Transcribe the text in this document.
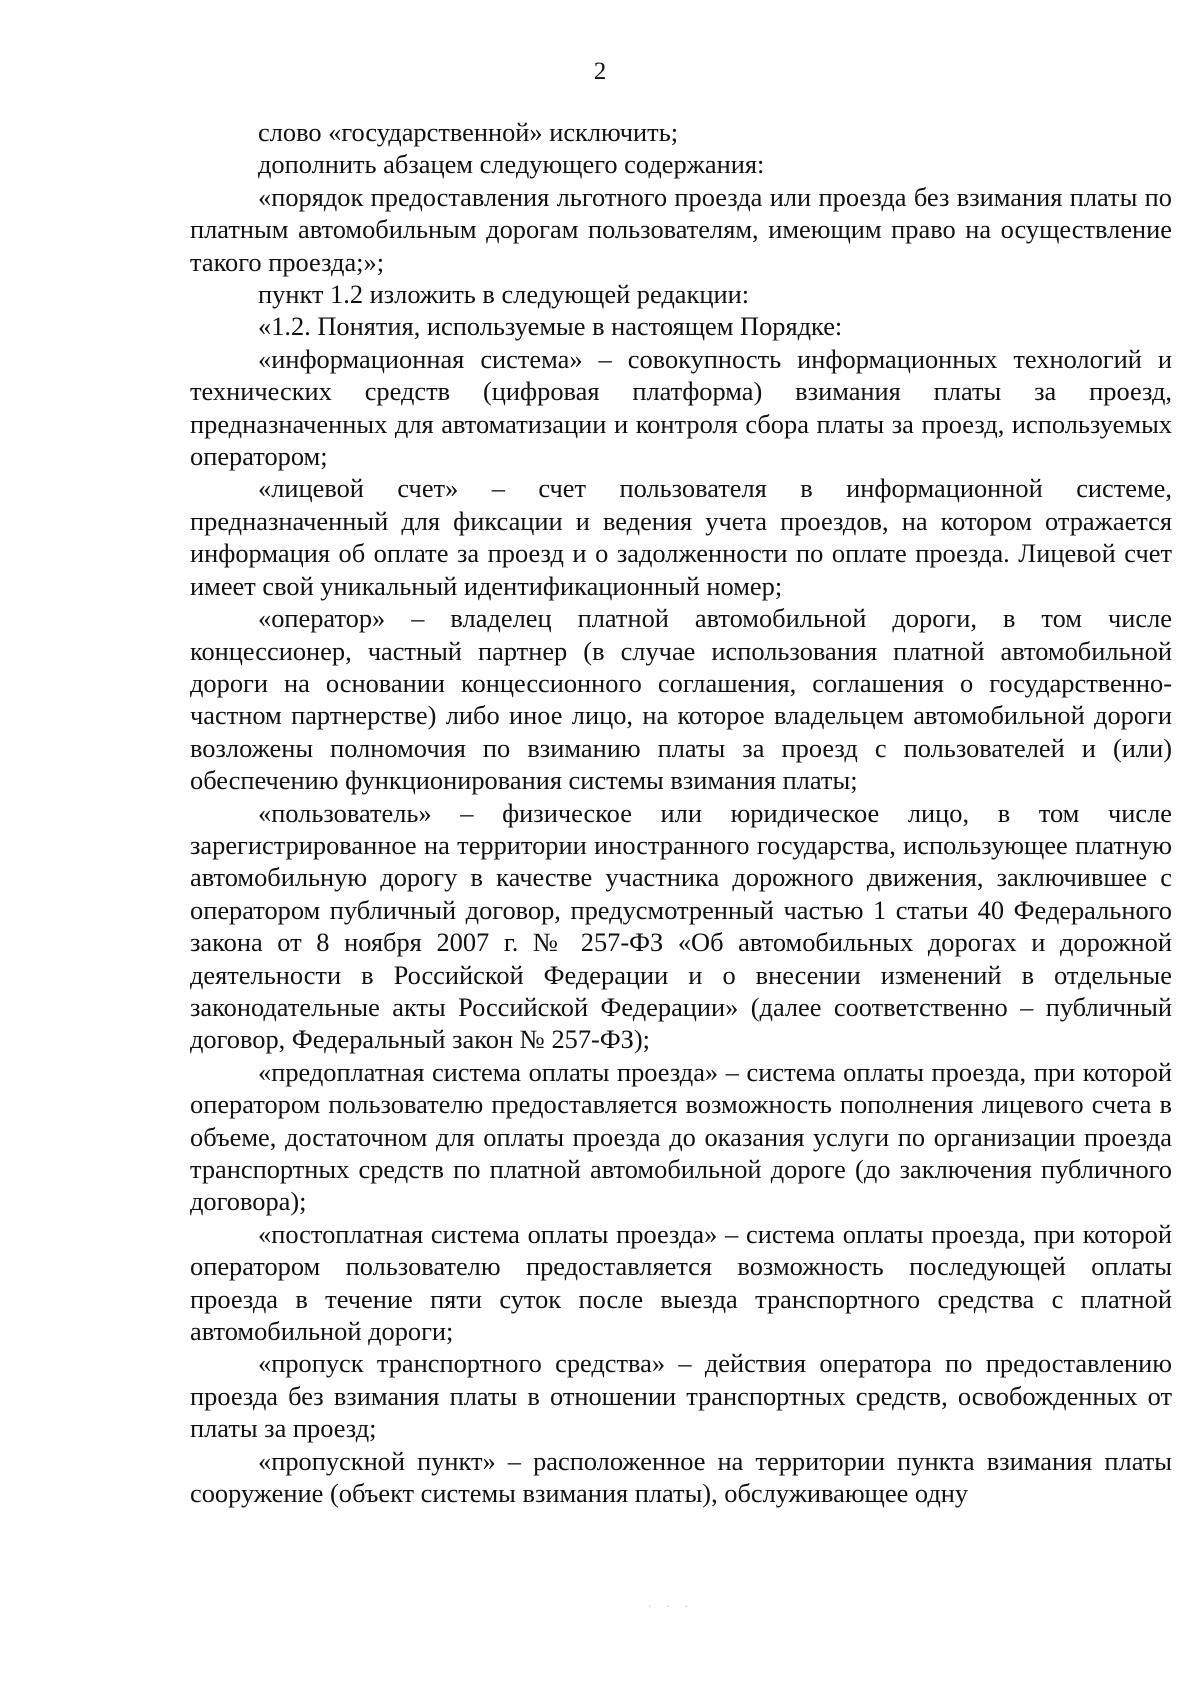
2

слово «государственной» исключить;

дополнить абзацем следующего содержания:

«порядок предоставления льготного проезда или проезда без взимания платы по платным автомобильным дорогам пользователям, имеющим право на осуществление такого проезда;»;

пункт 1.2 изложить в следующей редакции:

«1.2. Понятия, используемые в настоящем Порядке:

«информационная система» – совокупность информационных технологий и технических средств (цифровая платформа) взимания платы за проезд, предназначенных для автоматизации и контроля сбора платы за проезд, используемых оператором;

«лицевой счет» – счет пользователя в информационной системе, предназначенный для фиксации и ведения учета проездов, на котором отражается информация об оплате за проезд и о задолженности по оплате проезда. Лицевой счет имеет свой уникальный идентификационный номер;

«оператор» – владелец платной автомобильной дороги, в том числе концессионер, частный партнер (в случае использования платной автомобильной дороги на основании концессионного соглашения, соглашения о государственно-частном партнерстве) либо иное лицо, на которое владельцем автомобильной дороги возложены полномочия по взиманию платы за проезд с пользователей и (или) обеспечению функционирования системы взимания платы;

«пользователь» – физическое или юридическое лицо, в том числе зарегистрированное на территории иностранного государства, использующее платную автомобильную дорогу в качестве участника дорожного движения, заключившее с оператором публичный договор, предусмотренный частью 1 статьи 40 Федерального закона от 8 ноября 2007 г. № 257-ФЗ «Об автомобильных дорогах и дорожной деятельности в Российской Федерации и о внесении изменений в отдельные законодательные акты Российской Федерации» (далее соответственно – публичный договор, Федеральный закон № 257-ФЗ);

«предоплатная система оплаты проезда» – система оплаты проезда, при которой оператором пользователю предоставляется возможность пополнения лицевого счета в объеме, достаточном для оплаты проезда до оказания услуги по организации проезда транспортных средств по платной автомобильной дороге (до заключения публичного договора);

«постоплатная система оплаты проезда» – система оплаты проезда, при которой оператором пользователю предоставляется возможность последующей оплаты проезда в течение пяти суток после выезда транспортного средства с платной автомобильной дороги;

«пропуск транспортного средства» – действия оператора по предоставлению проезда без взимания платы в отношении транспортных средств, освобожденных от платы за проезд;

«пропускной пункт» – расположенное на территории пункта взимания платы сооружение (объект системы взимания платы), обслуживающее одну

· · ·
